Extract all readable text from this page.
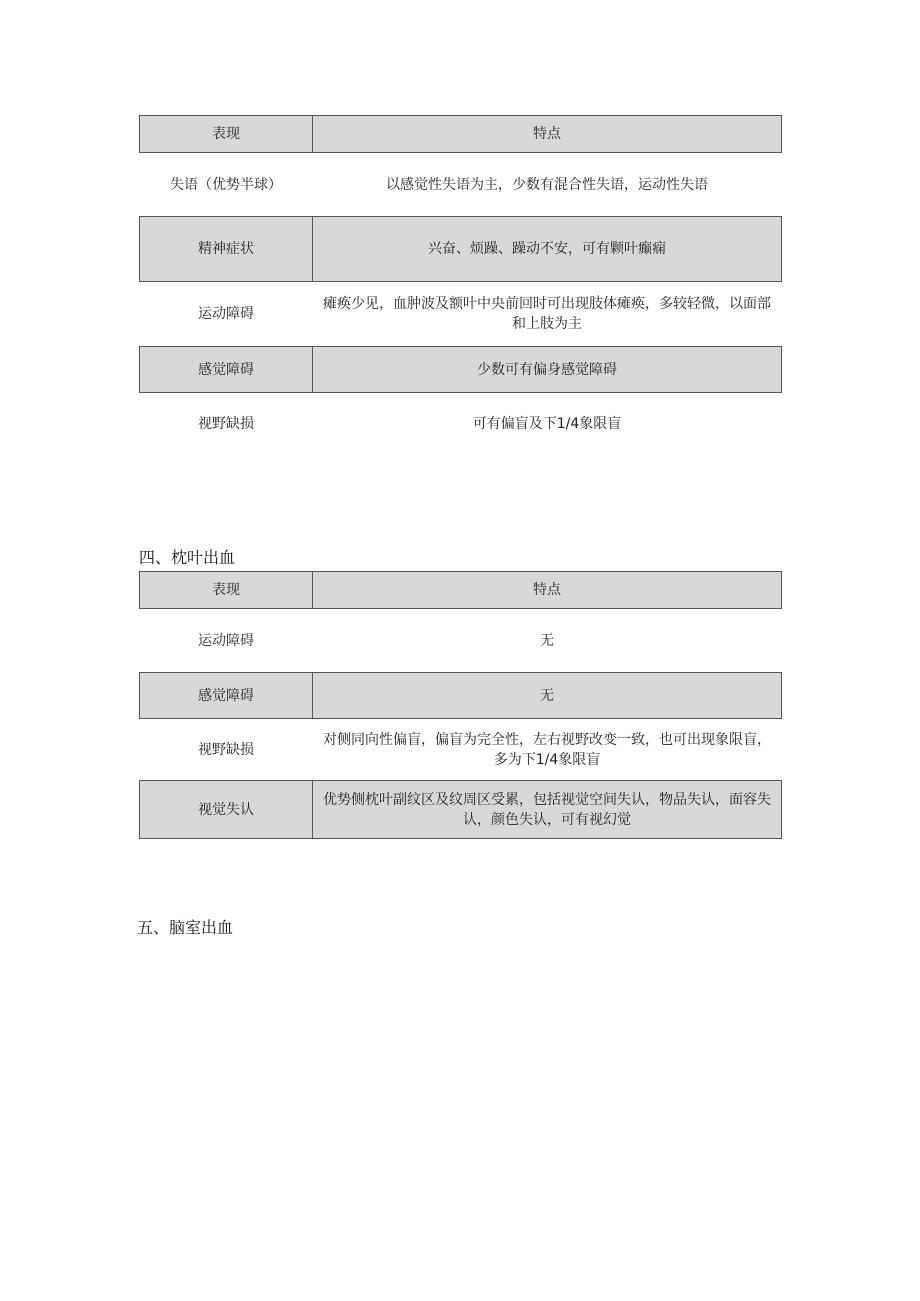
表现	特点
失语（优势半球）	以感觉性失语为主，少数有混合性失语，运动性失语
精神症状	兴奋、烦躁、躁动不安，可有颗叶癫痫
运动障碍	瘫痪少见，血肿波及额叶中央前回时可出现肢体瘫痪，多较轻微，以面部和上肢为主
感觉障碍	少数可有偏身感觉障碍
视野缺损	可有偏盲及下1/4象限盲
四、枕叶出血
表现	特点
运动障碍	无
感觉障碍	无
视野缺损	对侧同向性偏盲，偏盲为完全性，左右视野改变一致，也可出现象限盲，多为下1/4象限盲
视觉失认	优势侧枕叶副纹区及纹周区受累，包括视觉空间失认，物品失认，面容失认，颜色失认，可有视幻觉
五、脑室出血
